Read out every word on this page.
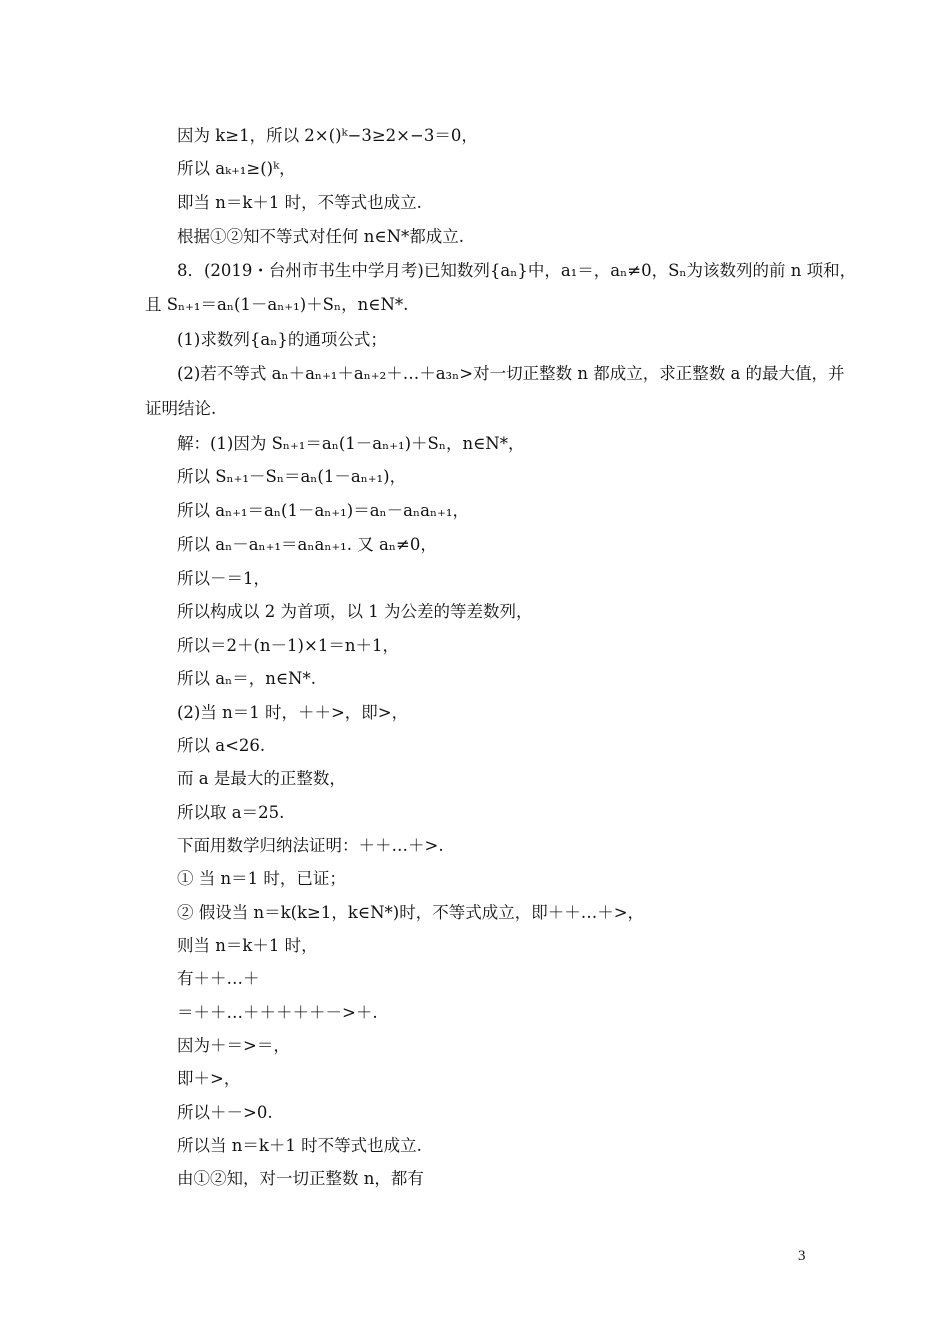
因为 k≥1，所以 2×()ᵏ−3≥2×−3＝0，
所以 aₖ₊₁≥()ᵏ，
即当 n＝k＋1 时，不等式也成立.
根据①②知不等式对任何 n∈N*都成立.
8．(2019・台州市书生中学月考)已知数列{aₙ}中，a₁＝，aₙ≠0，Sₙ为该数列的前 n 项和，
且 Sₙ₊₁＝aₙ(1－aₙ₊₁)＋Sₙ，n∈N*.
(1)求数列{aₙ}的通项公式；
(2)若不等式 aₙ＋aₙ₊₁＋aₙ₊₂＋…＋a₃ₙ>对一切正整数 n 都成立，求正整数 a 的最大值，并
证明结论.
解：(1)因为 Sₙ₊₁＝aₙ(1－aₙ₊₁)＋Sₙ，n∈N*，
所以 Sₙ₊₁－Sₙ＝aₙ(1－aₙ₊₁)，
所以 aₙ₊₁＝aₙ(1－aₙ₊₁)＝aₙ－aₙaₙ₊₁，
所以 aₙ－aₙ₊₁＝aₙaₙ₊₁. 又 aₙ≠0，
所以－＝1，
所以构成以 2 为首项，以 1 为公差的等差数列，
所以＝2＋(n－1)×1＝n＋1，
所以 aₙ＝，n∈N*.
(2)当 n＝1 时，＋＋>，即>，
所以 a<26.
而 a 是最大的正整数，
所以取 a＝25.
下面用数学归纳法证明：＋＋…＋>.
① 当 n＝1 时，已证；
② 假设当 n＝k(k≥1，k∈N*)时，不等式成立，即＋＋…＋>，
则当 n＝k＋1 时，
有＋＋…＋
＝＋＋…＋＋＋＋＋－>＋.
因为＋＝>＝，
即＋>，
所以＋－>0.
所以当 n＝k＋1 时不等式也成立.
由①②知，对一切正整数 n，都有
3
